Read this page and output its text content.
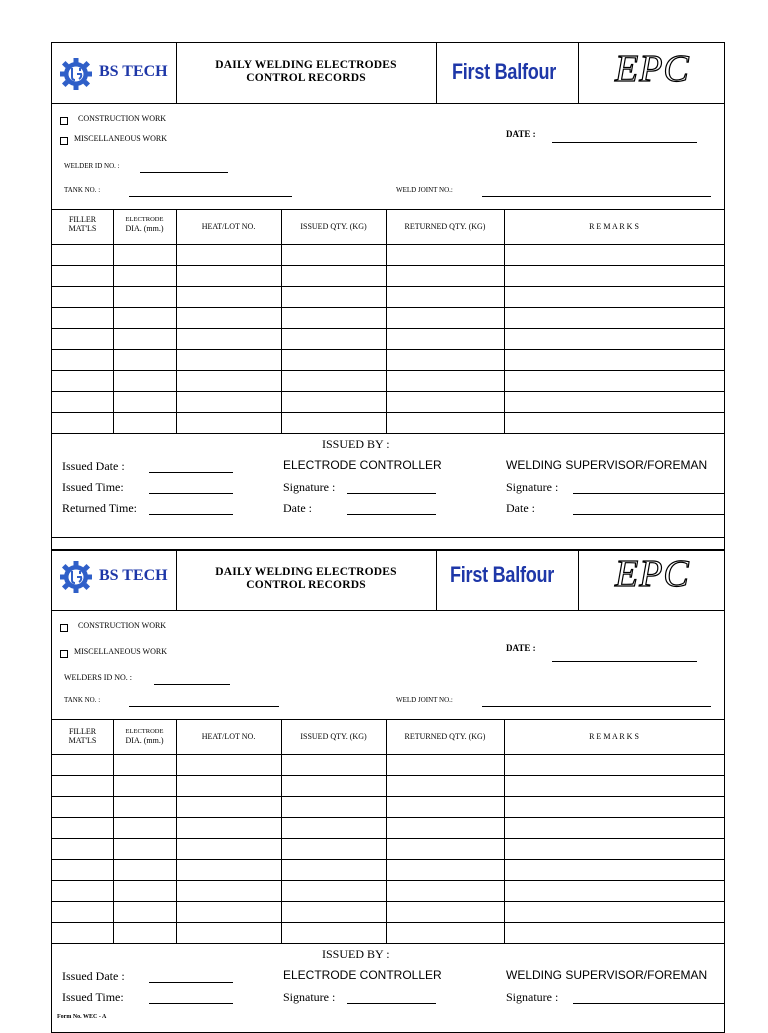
BS TECH	DAILY WELDING ELECTRODES
CONTROL RECORDS	First Balfour EPC
CONSTRUCTION WORK
MISCELLANEOUS WORK	DATE :
WELDER ID NO. :
TANK NO. :	WELD JOINT NO.:
FILLER
MAT'LS
ELECTRODE
DIA. (mm.)	HEAT/LOT NO.	ISSUED QTY. (KG)	RETURNED QTY. (KG)	R E M A R K S
ISSUED BY :
Issued Date :
Issued Time:
Returned Time:
ELECTRODE CONTROLLER
Signature :
Date :
WELDING SUPERVISOR/FOREMAN
Signature :
Date :
BS TECH	DAILY WELDING ELECTRODES
CONTROL RECORDS	First Balfour EPC
CONSTRUCTION WORK
MISCELLANEOUS WORK	DATE :
WELDERS ID NO. :
TANK NO. :	WELD JOINT NO.:
FILLER
MAT'LS
ELECTRODE
DIA. (mm.)	HEAT/LOT NO.	ISSUED QTY. (KG)	RETURNED QTY. (KG)	R E M A R K S
ISSUED BY :
Issued Date :
Issued Time:
ELECTRODE CONTROLLER
Signature :
WELDING SUPERVISOR/FOREMAN
Signature :
Form No. WEC - A
